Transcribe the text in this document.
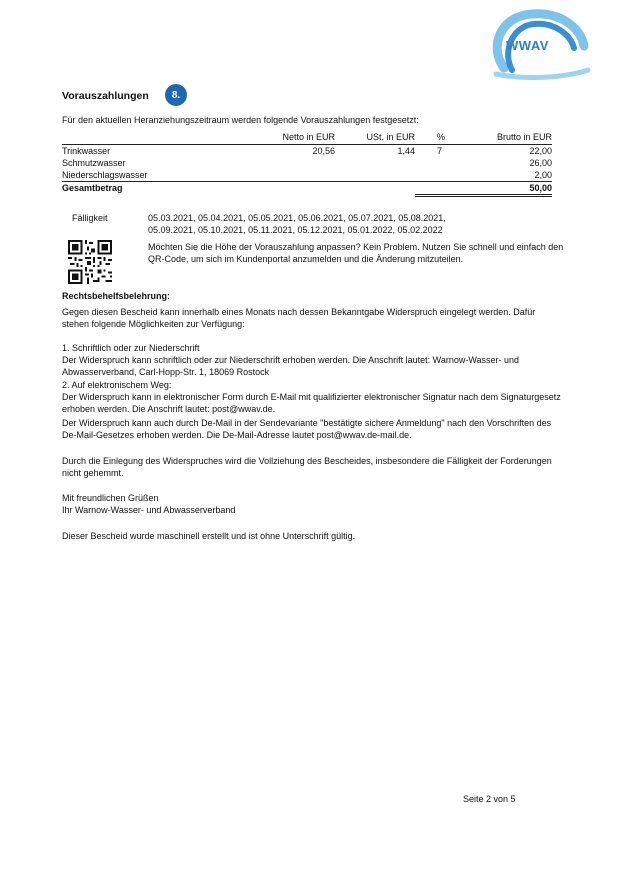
WWAV
Vorauszahlungen	8.
Für den aktuellen Heranziehungszeitraum werden folgende Vorauszahlungen festgesetzt:
	Netto in EUR	USt. in EUR	%	Brutto in EUR
Trinkwasser	20,56	1,44	7	22,00
Schmutzwasser				26,00
Niederschlagswasser				2,00
Gesamtbetrag				50,00
Fälligkeit	05.03.2021, 05.04.2021, 05.05.2021, 05.06.2021, 05.07.2021, 05.08.2021,
05.09.2021, 05.10.2021, 05.11.2021, 05.12.2021, 05.01.2022, 05.02.2022
Möchten Sie die Höhe der Vorauszahlung anpassen? Kein Problem. Nutzen Sie schnell und einfach den QR-Code, um sich im Kundenportal anzumelden und die Änderung mitzuteilen.
Rechtsbehelfsbelehrung:
Gegen diesen Bescheid kann innerhalb eines Monats nach dessen Bekanntgabe Widerspruch eingelegt werden. Dafür stehen folgende Möglichkeiten zur Verfügung:
1. Schriftlich oder zur Niederschrift
Der Widerspruch kann schriftlich oder zur Niederschrift erhoben werden. Die Anschrift lautet: Warnow-Wasser- und Abwasserverband, Carl-Hopp-Str. 1, 18069 Rostock
2. Auf elektronischem Weg:
Der Widerspruch kann in elektronischer Form durch E-Mail mit qualifizierter elektronischer Signatur nach dem Signaturgesetz erhoben werden. Die Anschrift lautet: post@wwav.de.
Der Widerspruch kann auch durch De-Mail in der Sendevariante "bestätigte sichere Anmeldung" nach den Vorschriften des De-Mail-Gesetzes erhoben werden. Die De-Mail-Adresse lautet post@wwav.de-mail.de.
Durch die Einlegung des Widerspruches wird die Vollziehung des Bescheides, insbesondere die Fälligkeit der Forderungen nicht gehemmt.
Mit freundlichen Grüßen
Ihr Warnow-Wasser- und Abwasserverband
Dieser Bescheid wurde maschinell erstellt und ist ohne Unterschrift gültig.
Seite 2 von 5
